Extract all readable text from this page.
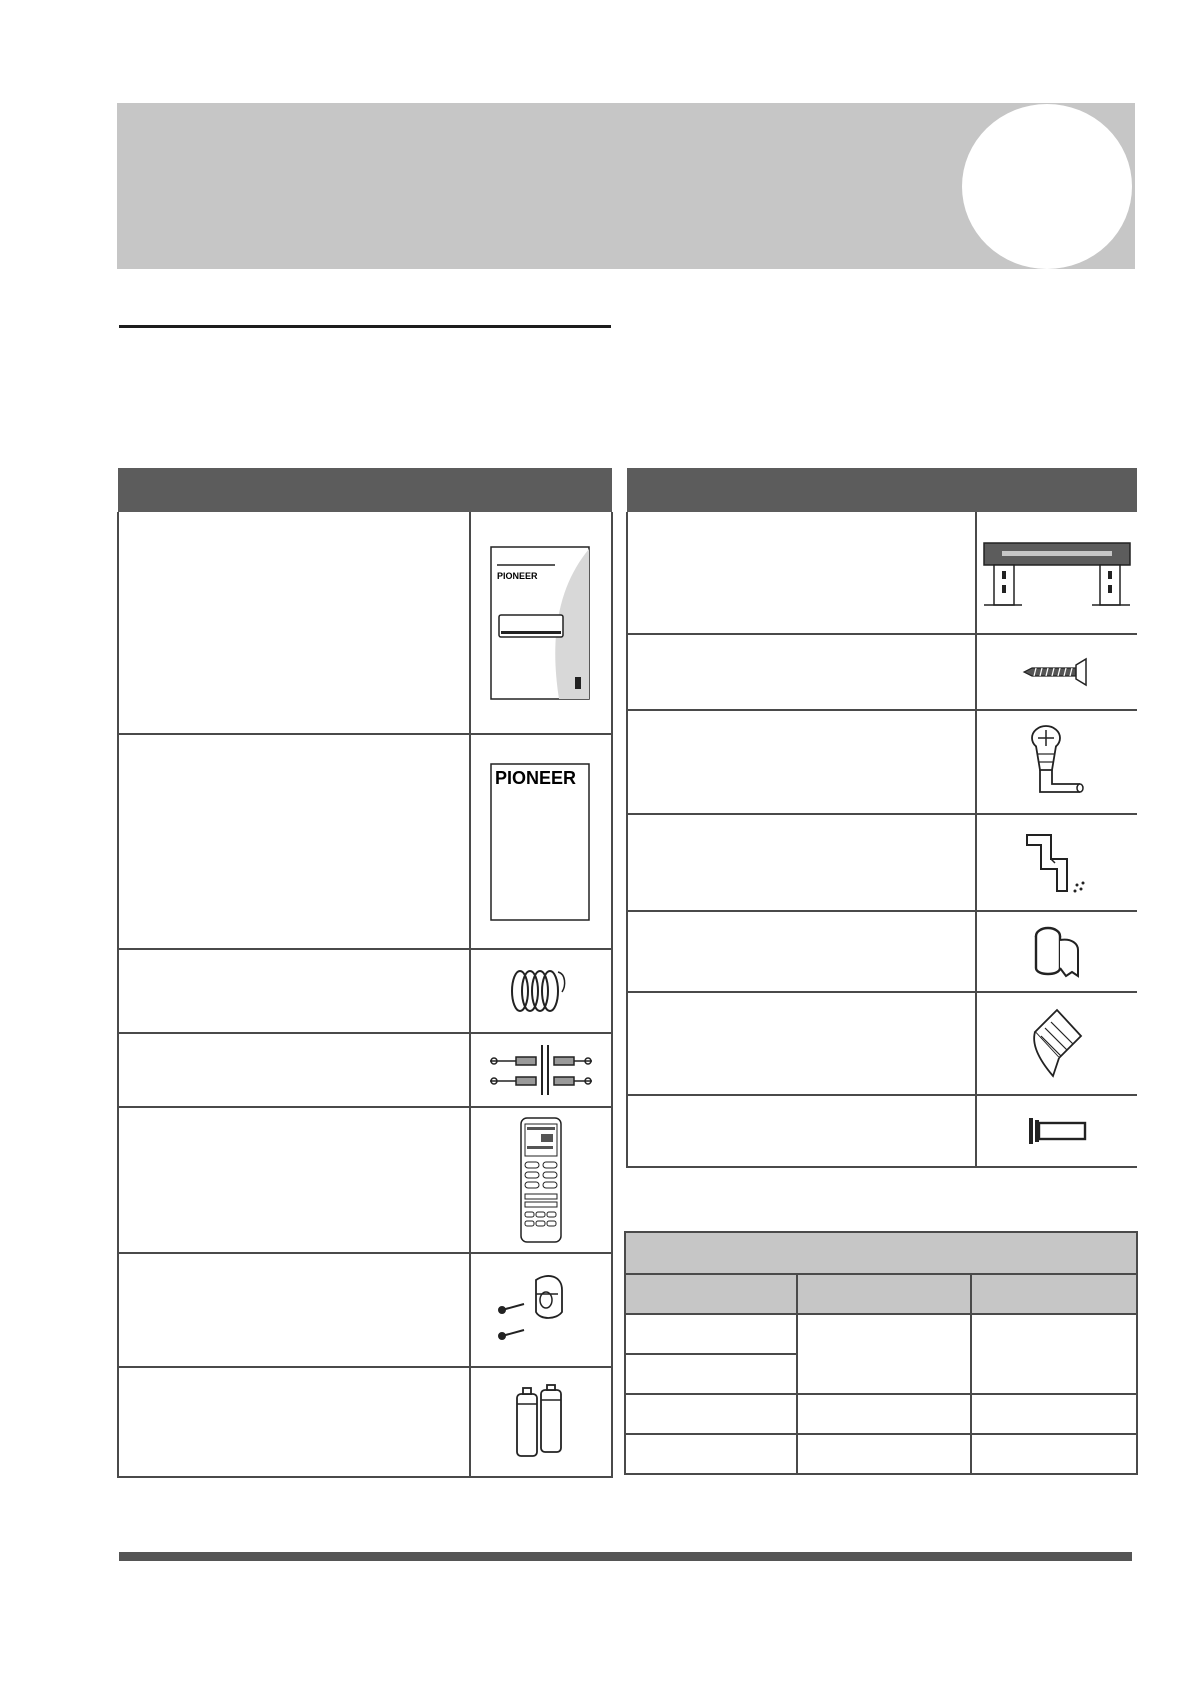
PIONEER

PIONEER
